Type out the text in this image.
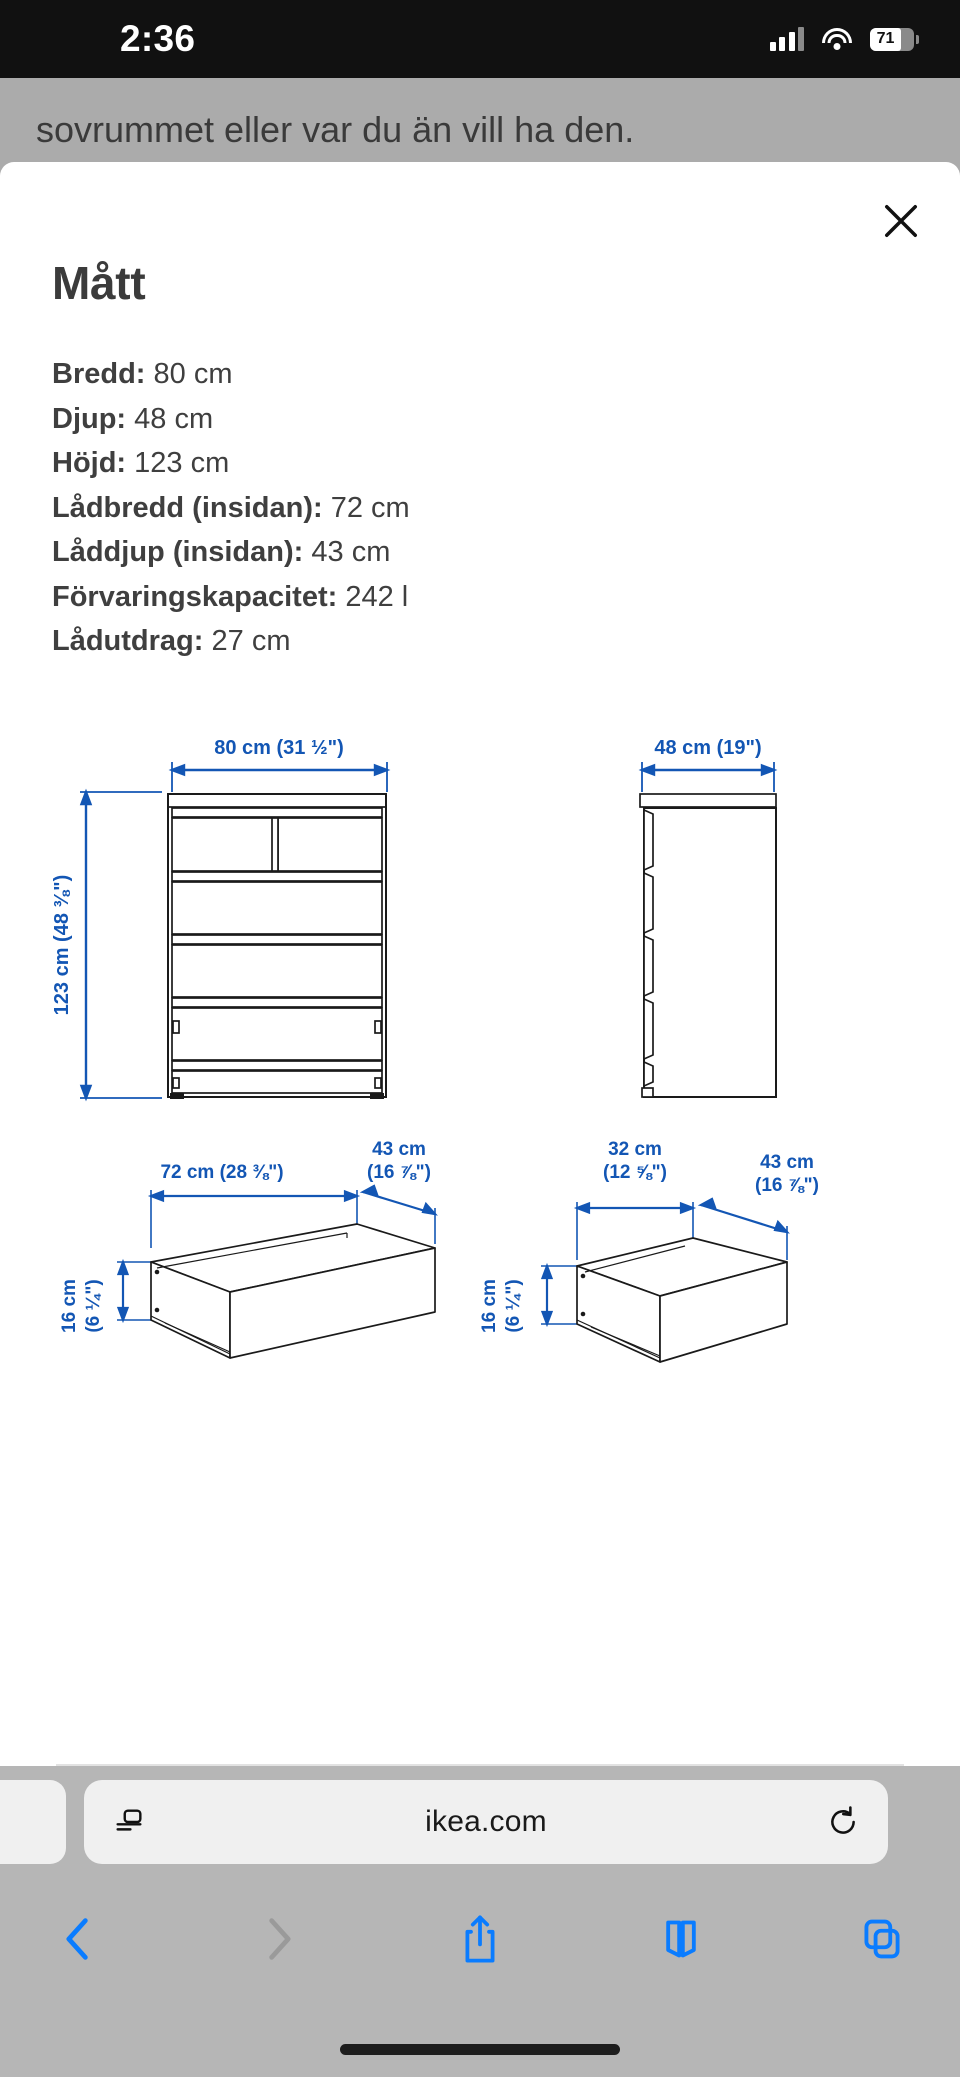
2:36	71

sovrummet eller var du än vill ha den.

Mått
Bredd: 80 cm
Djup: 48 cm
Höjd: 123 cm
Lådbredd (insidan): 72 cm
Låddjup (insidan): 43 cm
Förvaringskapacitet: 242 l
Lådutdrag: 27 cm
80 cm (31 ½")
123 cm (48 ⅜")
48 cm (19")
72 cm (28 ⅜")
43 cm
(16 ⅞")
16 cm (6 ¼")
32 cm
(12 ⅝")	43 cm
(16 ⅞")
16 cm (6 ¼")
ikea.com
